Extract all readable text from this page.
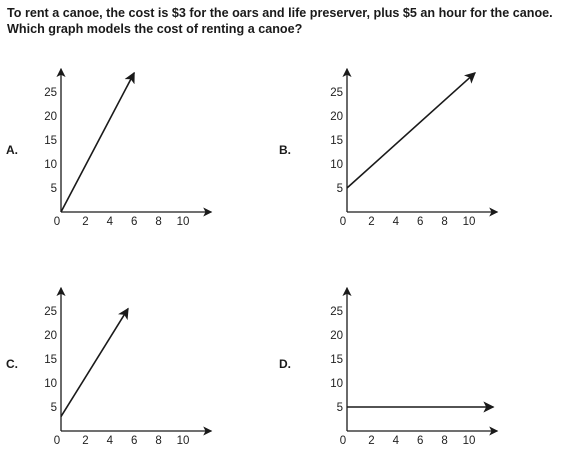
To rent a canoe, the cost is $3 for the oars and life preserver, plus $5 an hour for the canoe.
Which graph models the cost of renting a canoe?
A.
0 2 4 6 8 10
5
10
15
20
25
B.
0 2 4 6 8 10
5
10
15
20
25
C.
0 2 4 6 8 10
5
10
15
20
25
D.
0 2 4 6 8 10
5
10
15
20
25
